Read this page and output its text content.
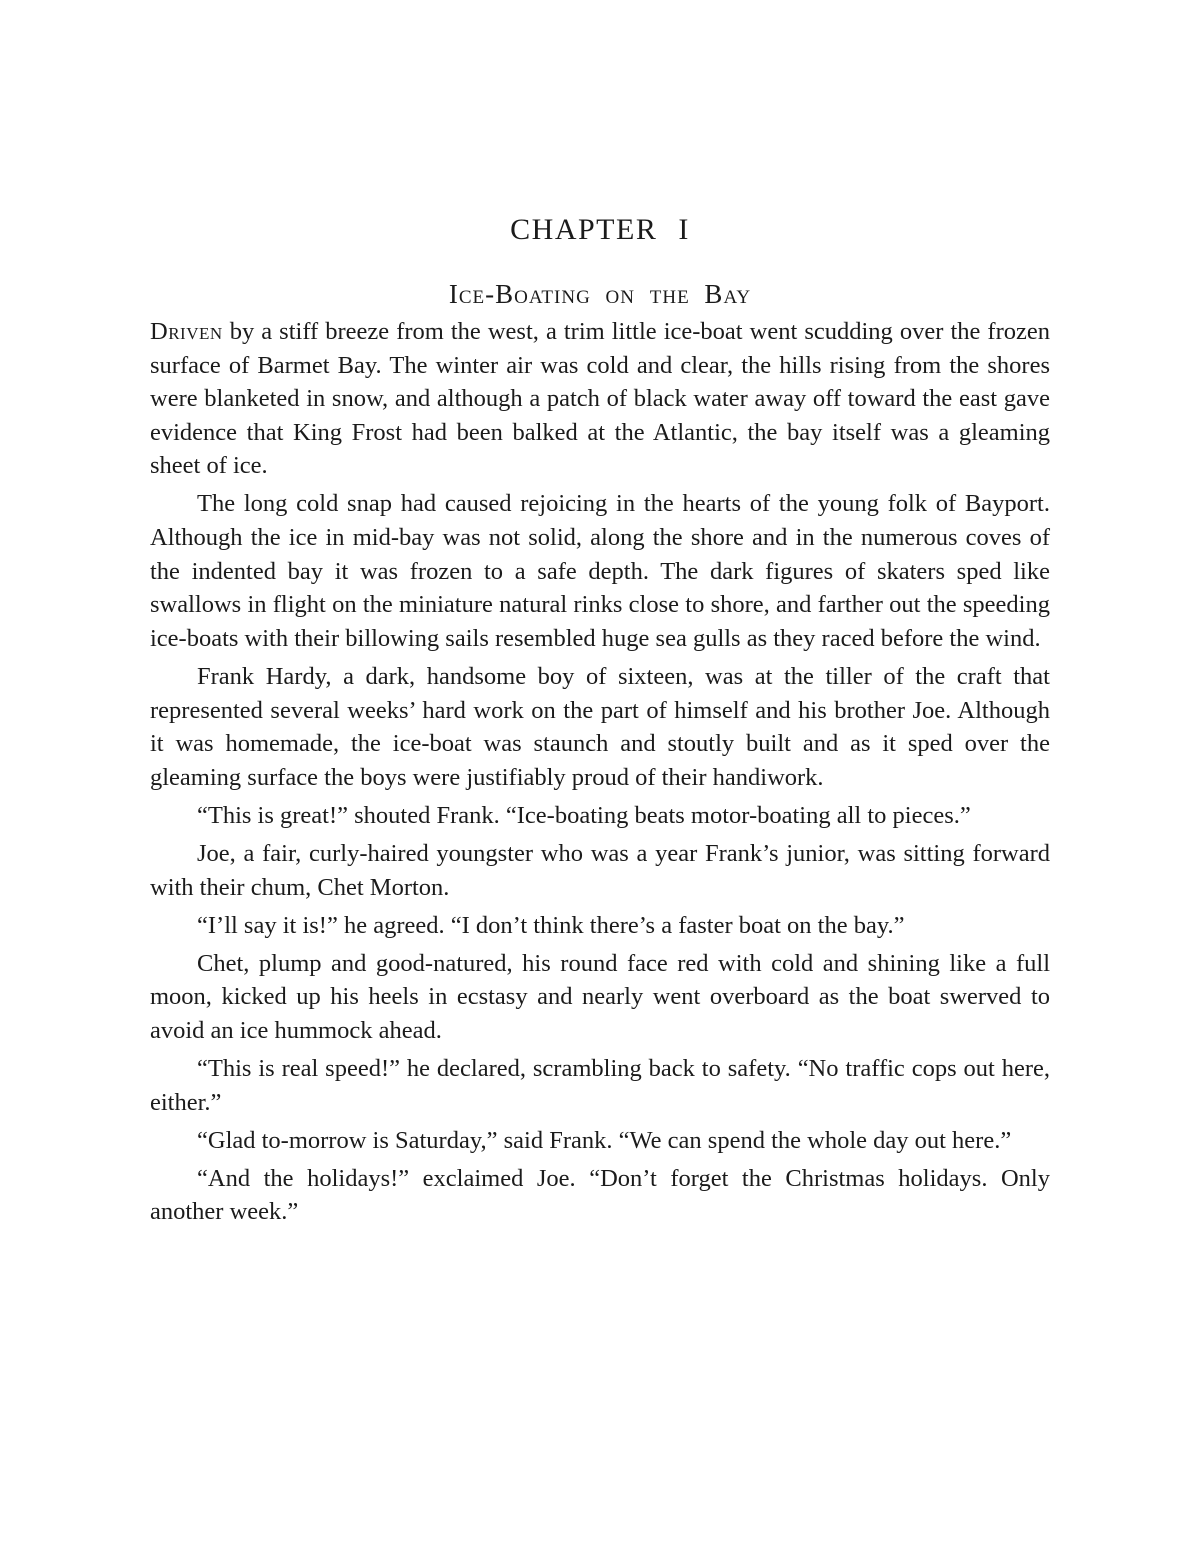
CHAPTER I
Ice-Boating on the Bay

Driven by a stiff breeze from the west, a trim little ice-boat went scudding over the frozen surface of Barmet Bay. The winter air was cold and clear, the hills rising from the shores were blanketed in snow, and although a patch of black water away off toward the east gave evidence that King Frost had been balked at the Atlantic, the bay itself was a gleaming sheet of ice.

The long cold snap had caused rejoicing in the hearts of the young folk of Bayport. Although the ice in mid-bay was not solid, along the shore and in the numerous coves of the indented bay it was frozen to a safe depth. The dark figures of skaters sped like swallows in flight on the miniature natural rinks close to shore, and farther out the speeding ice-boats with their billowing sails resembled huge sea gulls as they raced before the wind.

Frank Hardy, a dark, handsome boy of sixteen, was at the tiller of the craft that represented several weeks’ hard work on the part of himself and his brother Joe. Although it was homemade, the ice-boat was staunch and stoutly built and as it sped over the gleaming surface the boys were justifiably proud of their handiwork.

“This is great!” shouted Frank. “Ice-boating beats motor-boating all to pieces.”

Joe, a fair, curly-haired youngster who was a year Frank’s junior, was sitting forward with their chum, Chet Morton.

“I’ll say it is!” he agreed. “I don’t think there’s a faster boat on the bay.”

Chet, plump and good-natured, his round face red with cold and shining like a full moon, kicked up his heels in ecstasy and nearly went overboard as the boat swerved to avoid an ice hummock ahead.

“This is real speed!” he declared, scrambling back to safety. “No traffic cops out here, either.”

“Glad to-morrow is Saturday,” said Frank. “We can spend the whole day out here.”

“And the holidays!” exclaimed Joe. “Don’t forget the Christmas holidays. Only another week.”
